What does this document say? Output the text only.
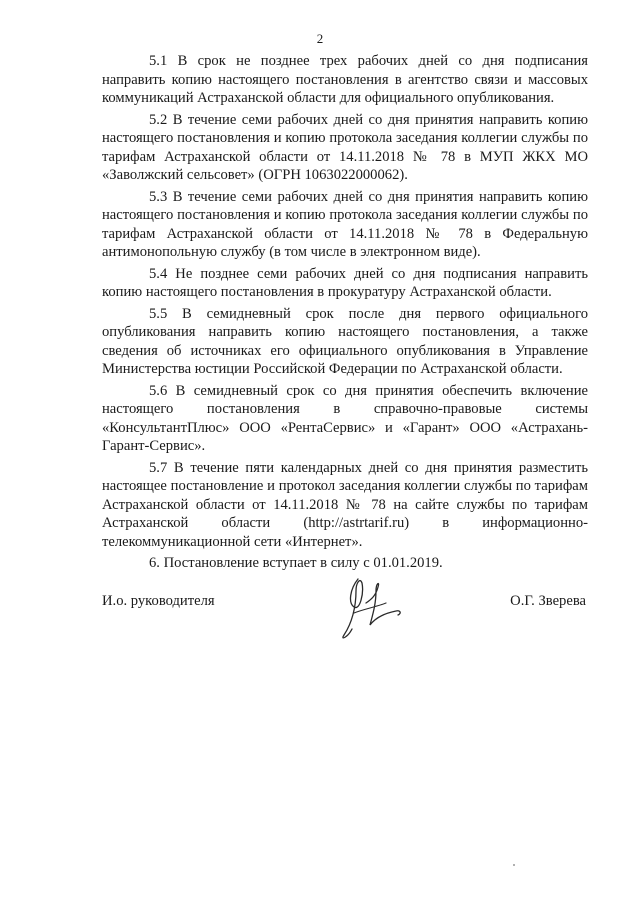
2

5.1 В срок не позднее трех рабочих дней со дня подписания направить копию настоящего постановления в агентство связи и массовых коммуникаций Астраханской области для официального опубликования.

5.2 В течение семи рабочих дней со дня принятия направить копию настоящего постановления и копию протокола заседания коллегии службы по тарифам Астраханской области от 14.11.2018 № 78 в МУП ЖКХ МО «Заволжский сельсовет» (ОГРН 1063022000062).

5.3 В течение семи рабочих дней со дня принятия направить копию настоящего постановления и копию протокола заседания коллегии службы по тарифам Астраханской области от 14.11.2018 № 78 в Федеральную антимонопольную службу (в том числе в электронном виде).

5.4 Не позднее семи рабочих дней со дня подписания направить копию настоящего постановления в прокуратуру Астраханской области.

5.5 В семидневный срок после дня первого официального опубликования направить копию настоящего постановления, а также сведения об источниках его официального опубликования в Управление Министерства юстиции Российской Федерации по Астраханской области.

5.6 В семидневный срок со дня принятия обеспечить включение настоящего постановления в справочно-правовые системы «КонсультантПлюс» ООО «РентаСервис» и «Гарант» ООО «Астрахань-Гарант-Сервис».

5.7 В течение пяти календарных дней со дня принятия разместить настоящее постановление и протокол заседания коллегии службы по тарифам Астраханской области от 14.11.2018 № 78 на сайте службы по тарифам Астраханской области (http://astrtarif.ru) в информационно-телекоммуникационной сети «Интернет».

6. Постановление вступает в силу с 01.01.2019.

И.о. руководителя	О.Г. Зверева
